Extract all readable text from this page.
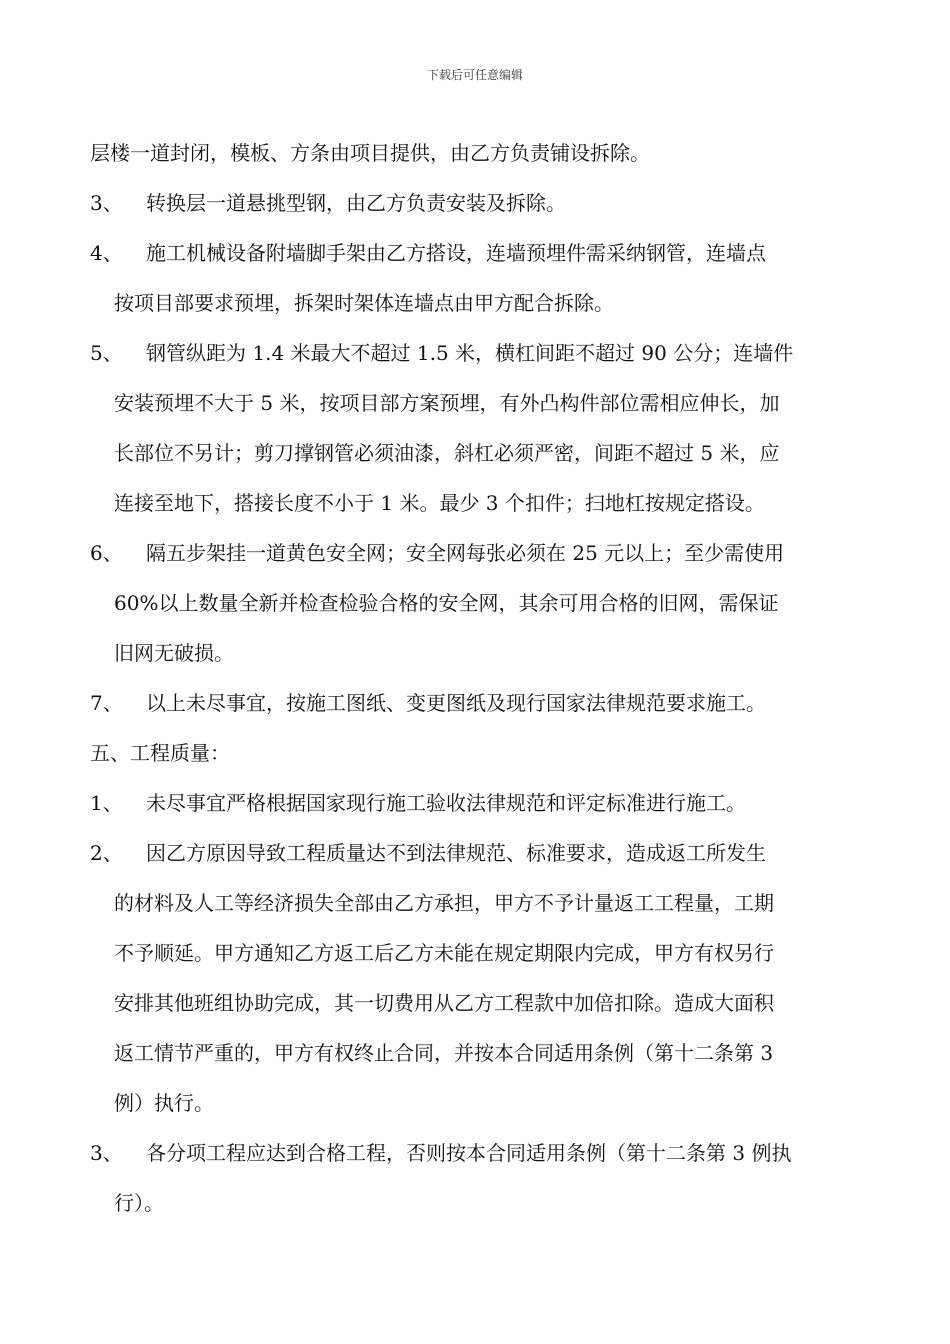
下载后可任意编辑
层楼一道封闭，模板、方条由项目提供，由乙方负责铺设拆除。
3、 转换层一道悬挑型钢，由乙方负责安装及拆除。
4、 施工机械设备附墙脚手架由乙方搭设，连墙预埋件需采纳钢管，连墙点
按项目部要求预埋，拆架时架体连墙点由甲方配合拆除。
5、 钢管纵距为 1.4 米最大不超过 1.5 米，横杠间距不超过 90 公分；连墙件
安装预埋不大于 5 米，按项目部方案预埋，有外凸构件部位需相应伸长，加
长部位不另计；剪刀撑钢管必须油漆，斜杠必须严密，间距不超过 5 米，应
连接至地下，搭接长度不小于 1 米。最少 3 个扣件；扫地杠按规定搭设。
6、 隔五步架挂一道黄色安全网；安全网每张必须在 25 元以上；至少需使用
60%以上数量全新并检查检验合格的安全网，其余可用合格的旧网，需保证
旧网无破损。
7、 以上未尽事宜，按施工图纸、变更图纸及现行国家法律规范要求施工。
五、工程质量：
1、 未尽事宜严格根据国家现行施工验收法律规范和评定标准进行施工。
2、 因乙方原因导致工程质量达不到法律规范、标准要求，造成返工所发生
的材料及人工等经济损失全部由乙方承担，甲方不予计量返工工程量，工期
不予顺延。甲方通知乙方返工后乙方未能在规定期限内完成，甲方有权另行
安排其他班组协助完成，其一切费用从乙方工程款中加倍扣除。造成大面积
返工情节严重的，甲方有权终止合同，并按本合同适用条例（第十二条第 3
例）执行。
3、 各分项工程应达到合格工程，否则按本合同适用条例（第十二条第 3 例执
行）。
